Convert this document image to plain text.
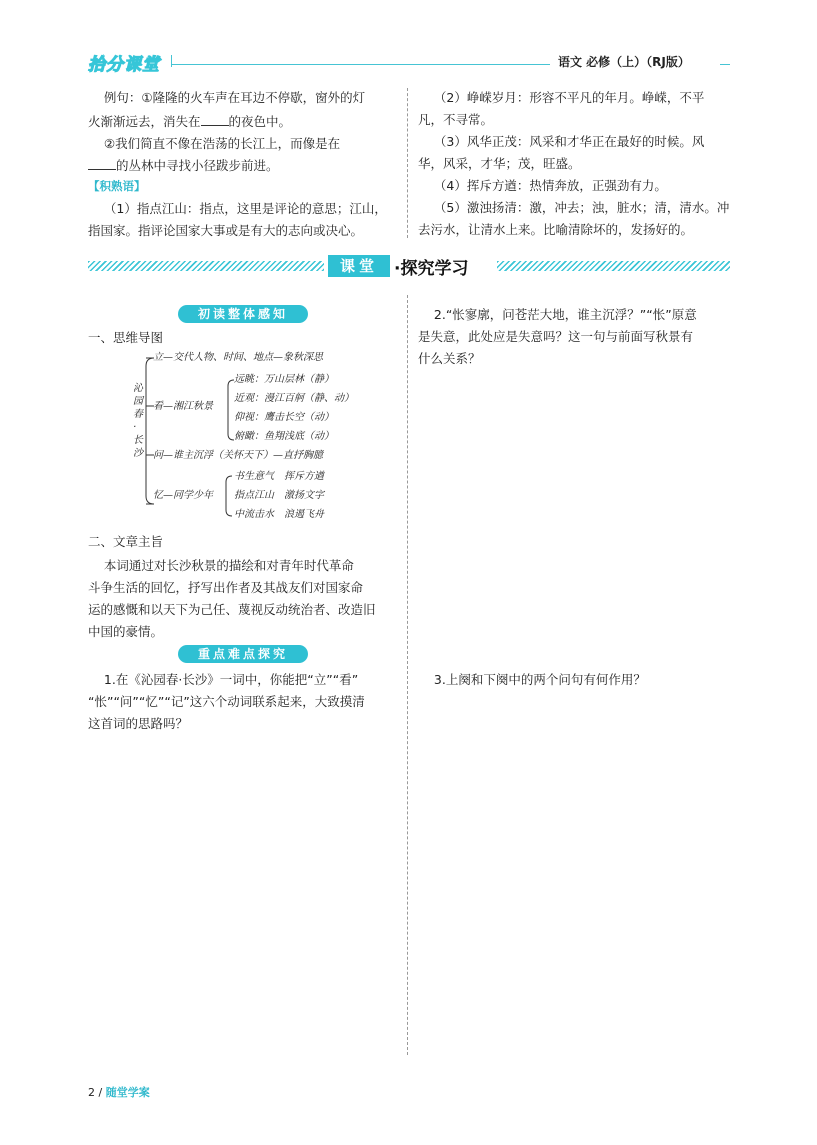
拾分课堂	语文 必修（上）（RJ版）
例句：①隆隆的火车声在耳边不停歇，窗外的灯
火渐渐远去，消失在 的夜色中。
②我们简直不像在浩荡的长江上，而像是在
的丛林中寻找小径跋步前进。
【积熟语】
（1）指点江山：指点，这里是评论的意思；江山，
指国家。指评论国家大事或是有大的志向或决心。
（2）峥嵘岁月：形容不平凡的年月。峥嵘，不平
凡，不寻常。
（3）风华正茂：风采和才华正在最好的时候。风
华，风采，才华；茂，旺盛。
（4）挥斥方遒：热情奔放，正强劲有力。
（5）激浊扬清：激，冲去；浊，脏水；清，清水。冲
去污水，让清水上来。比喻清除坏的，发扬好的。
课堂 ·探究学习
初读整体感知
一、思维导图
沁园春·长沙
立—交代人物、时间、地点—象秋深思
看—湘江秋景
远眺：万山层林（静）
近观：漫江百舸（静、动）
仰视：鹰击长空（动）
俯瞰：鱼翔浅底（动）
问—谁主沉浮（关怀天下）—直抒胸臆
忆—同学少年
书生意气　挥斥方遒
指点江山　激扬文字
中流击水　浪遏飞舟
二、文章主旨
本词通过对长沙秋景的描绘和对青年时代革命
斗争生活的回忆，抒写出作者及其战友们对国家命
运的感慨和以天下为己任、蔑视反动统治者、改造旧
中国的豪情。
重点难点探究
1.在《沁园春·长沙》一词中，你能把“立”“看”
“怅”“问”“忆”“记”这六个动词联系起来，大致摸清
这首词的思路吗？
2.“怅寥廓，问苍茫大地，谁主沉浮？”“怅”原意
是失意，此处应是失意吗？这一句与前面写秋景有
什么关系？
3.上阕和下阕中的两个问句有何作用？
2 / 随堂学案
